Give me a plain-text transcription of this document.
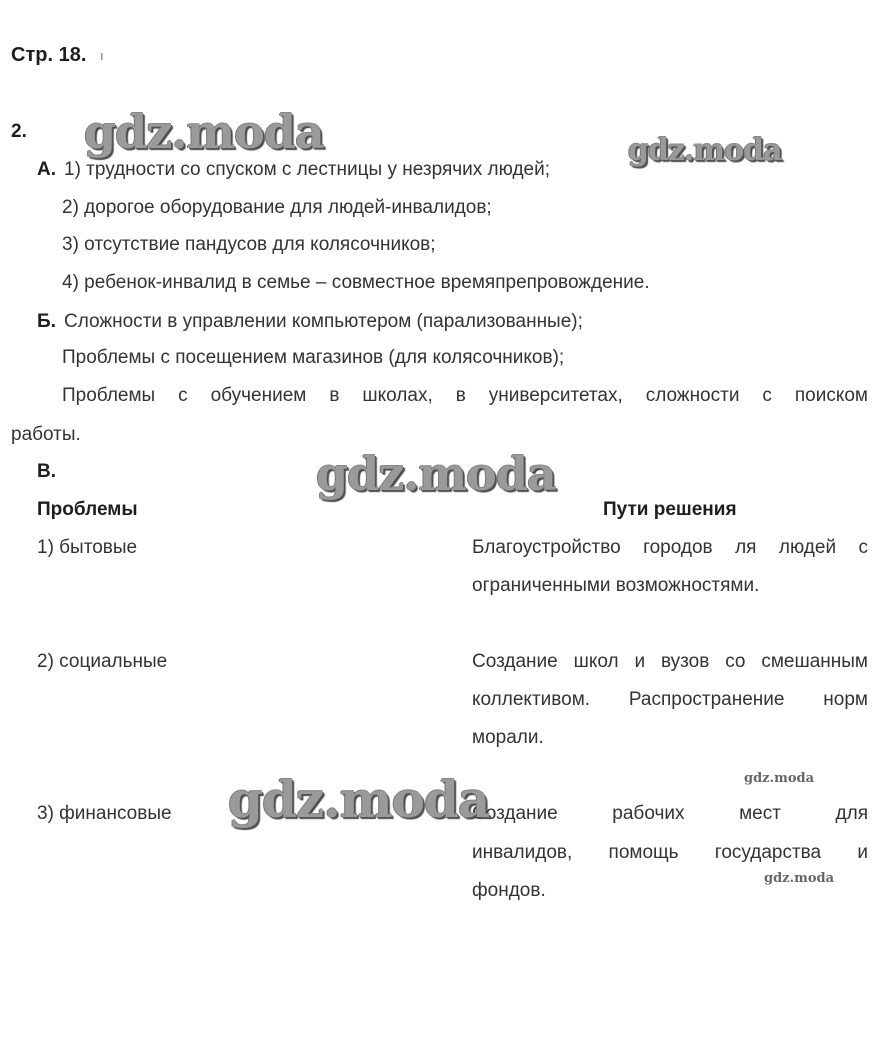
Стр. 18. ı
2.
А. 1) трудности со спуском с лестницы у незрячих людей;
2) дорогое оборудование для людей-инвалидов;
3) отсутствие пандусов для колясочников;
4) ребенок-инвалид в семье – совместное времяпрепровождение.
Б. Сложности в управлении компьютером (парализованные);
Проблемы с посещением магазинов (для колясочников);
Проблемы с обучением в школах, в университетах, сложности с поиском
работы.
В.
Проблемы	Пути решения
1) бытовые	Благоустройство городов ля людей с
ограниченными возможностями.
2) социальные	Создание школ и вузов со смешанным
коллективом. Распространение норм
морали.
3) финансовые	Создание рабочих мест для
инвалидов, помощь государства и
фондов.
gdz.moda	gdz.moda
gdz.moda
gdz.moda	gdz.moda
gdz.moda
